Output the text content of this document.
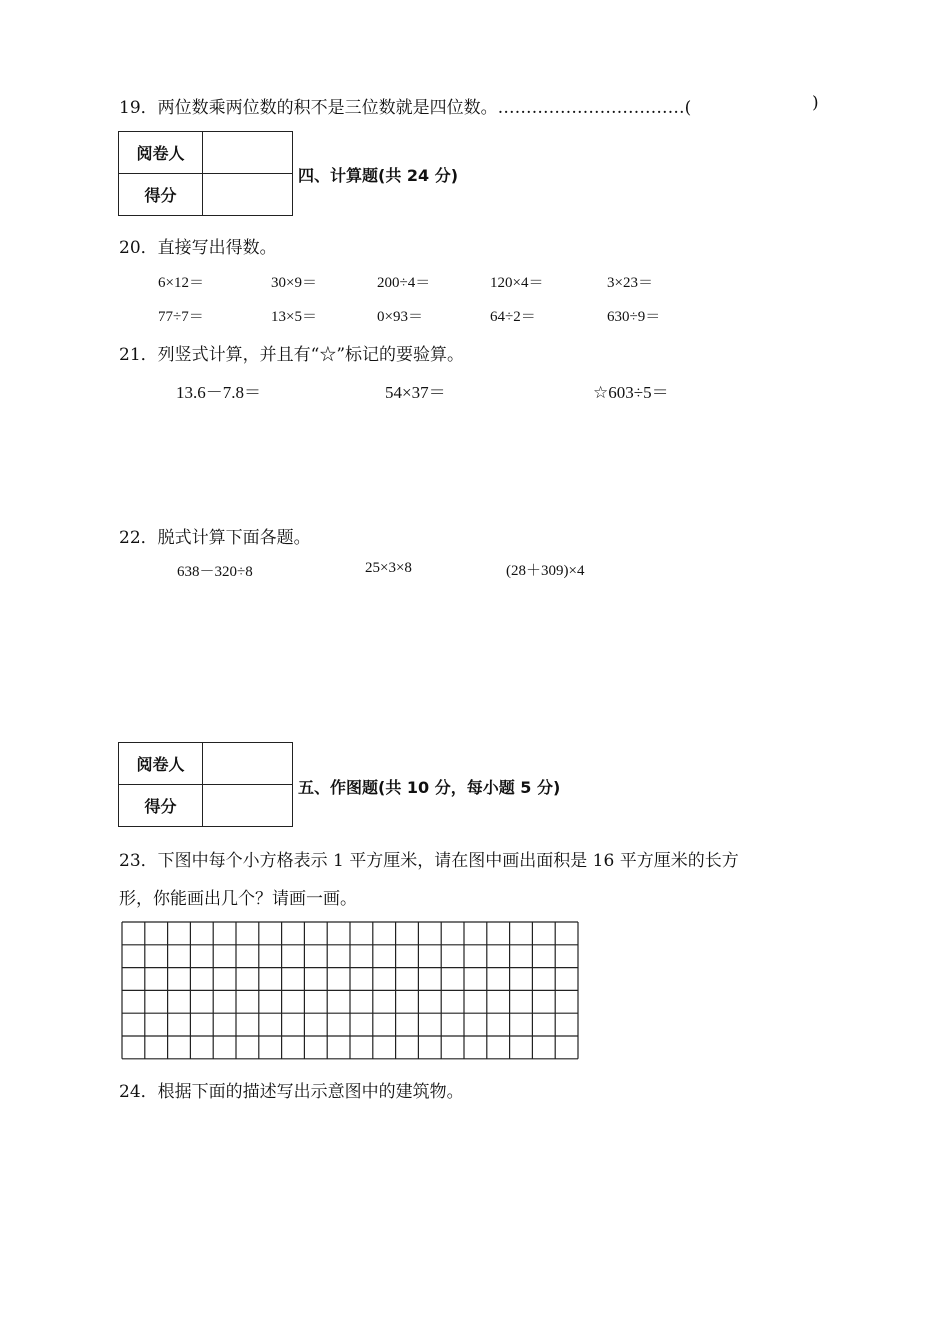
19．两位数乘两位数的积不是三位数就是四位数。……………………………(	)
阅卷人	
得分	
四、计算题(共 24 分)
20．直接写出得数。
6×12＝	30×9＝	200÷4＝	120×4＝	3×23＝
77÷7＝	13×5＝	0×93＝	64÷2＝	630÷9＝
21．列竖式计算，并且有“☆”标记的要验算。
13.6－7.8＝	54×37＝	☆603÷5＝
22．脱式计算下面各题。
638－320÷8	25×3×8	(28＋309)×4
阅卷人	
得分	
五、作图题(共 10 分，每小题 5 分)
23．下图中每个小方格表示 1 平方厘米，请在图中画出面积是 16 平方厘米的长方
形，你能画出几个？请画一画。
24．根据下面的描述写出示意图中的建筑物。
